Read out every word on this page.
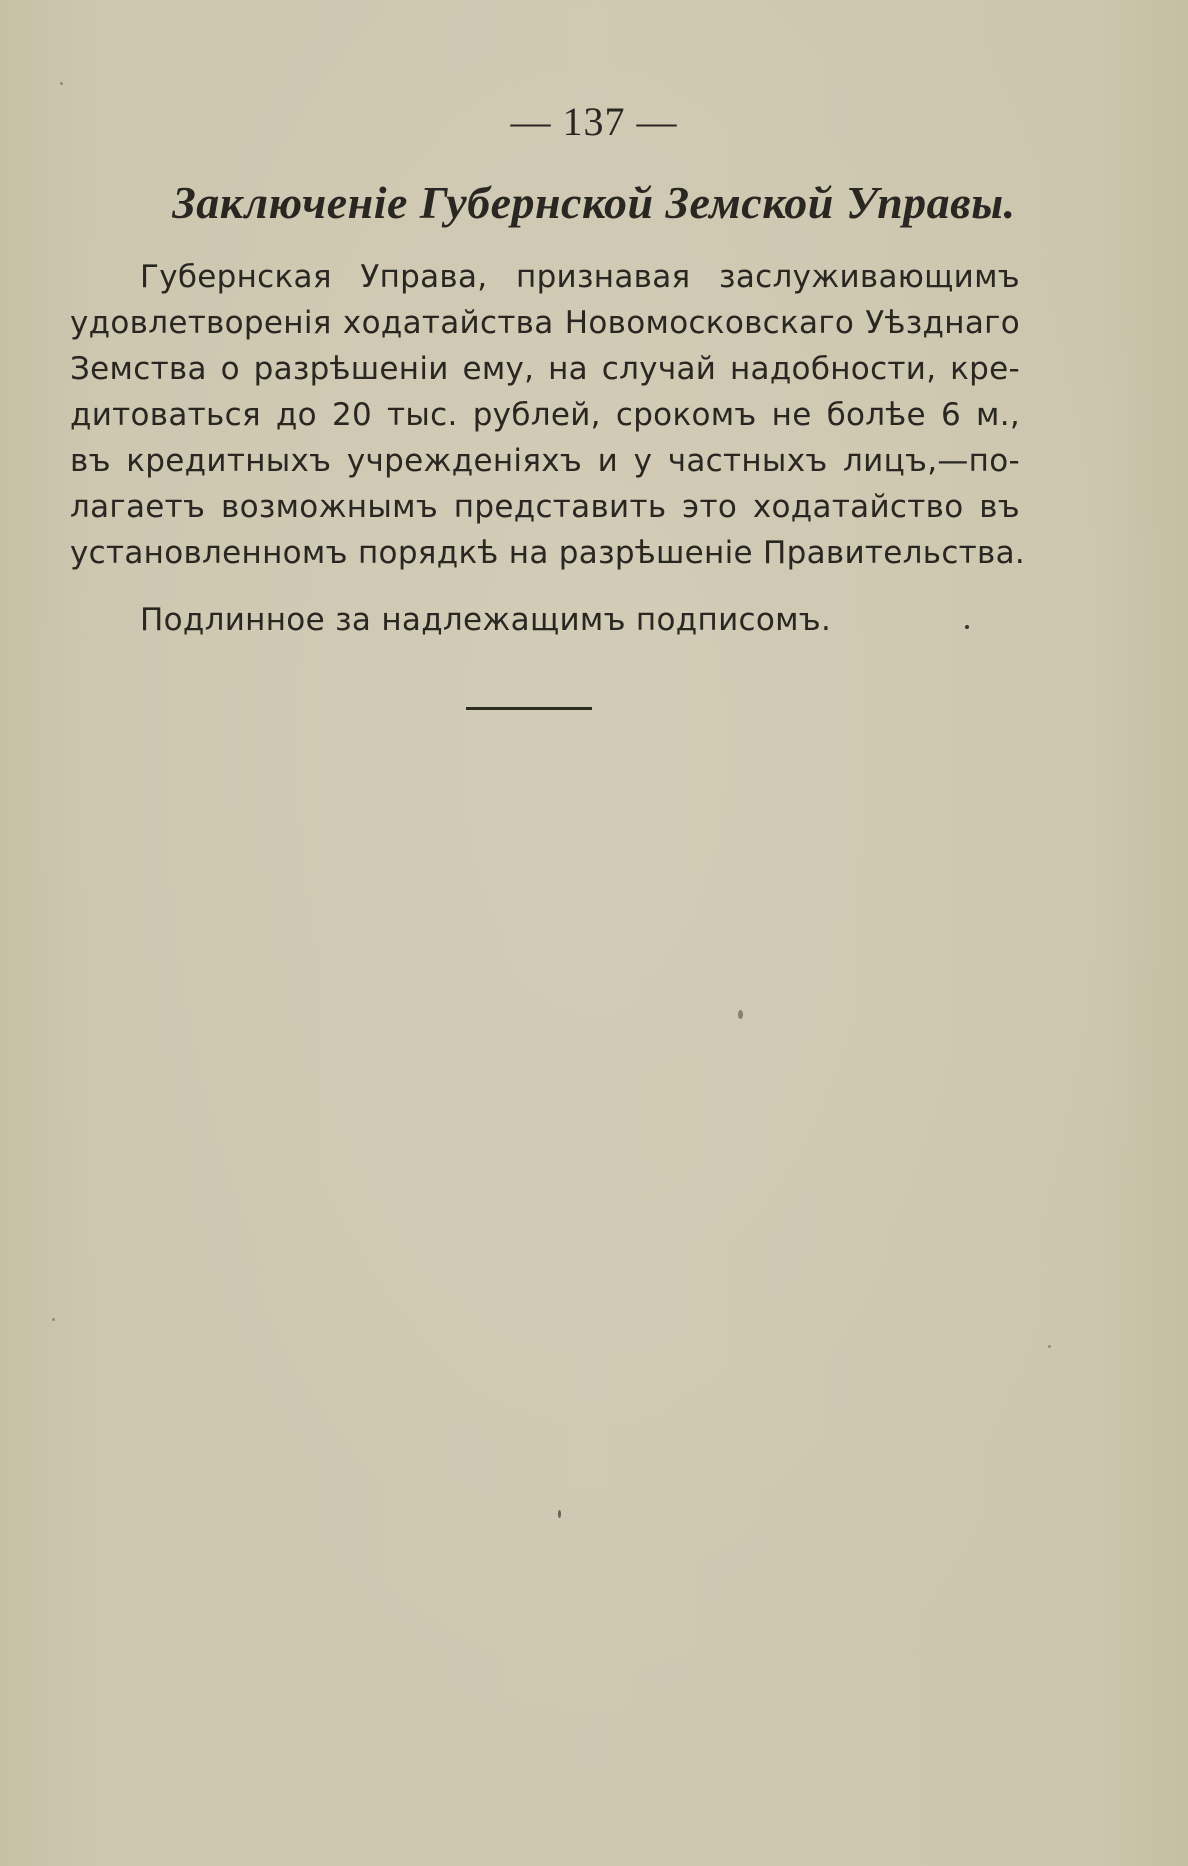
— 137 —
Заключеніе Губернской Земской Управы.
Губернская Управа, признавая заслуживающимъ
удовлетворенія ходатайства Новомосковскаго Уѣзднаго
Земства о разрѣшеніи ему, на случай надобности, кре-
дитоваться до 20 тыс. рублей, срокомъ не болѣе 6 м.,
въ кредитныхъ учрежденіяхъ и у частныхъ лицъ,—по-
лагаетъ возможнымъ представить это ходатайство въ
установленномъ порядкѣ на разрѣшеніе Правительства.
Подлинное за надлежащимъ подписомъ.
